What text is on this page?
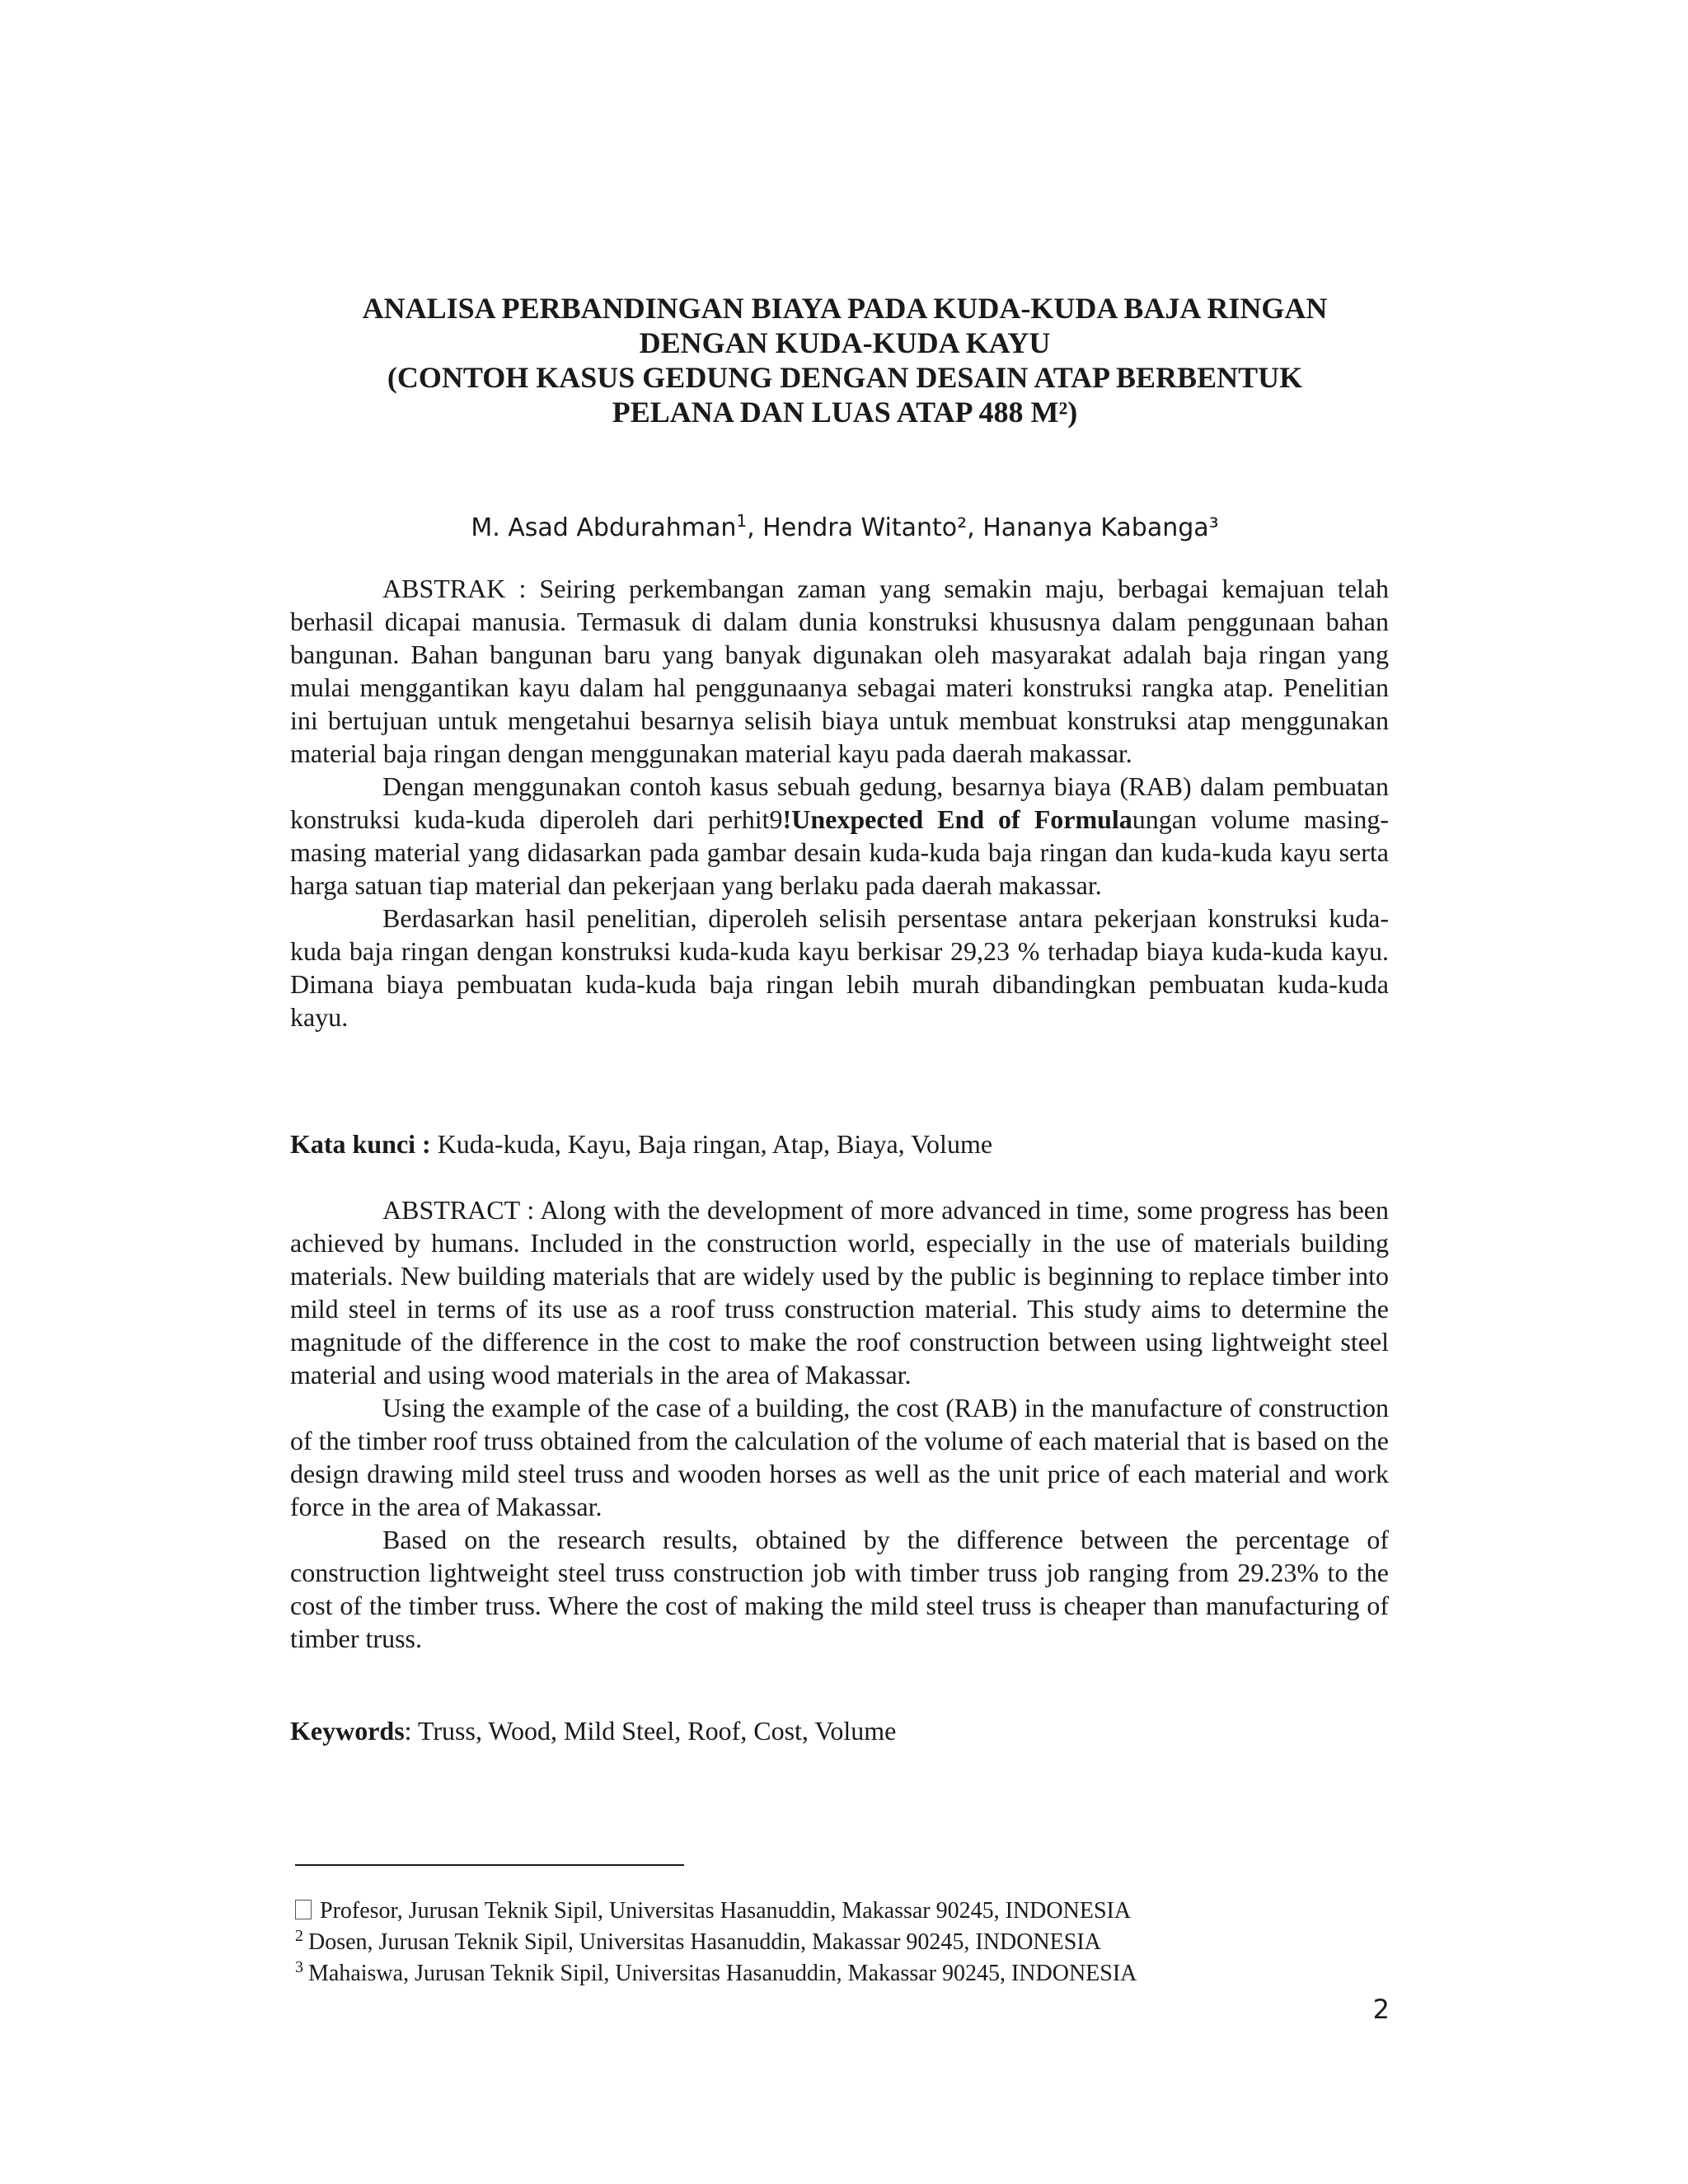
ANALISA PERBANDINGAN BIAYA PADA KUDA-KUDA BAJA RINGAN
DENGAN KUDA-KUDA KAYU
(CONTOH KASUS GEDUNG DENGAN DESAIN ATAP BERBENTUK
PELANA DAN LUAS ATAP 488 M²)
M. Asad Abdurahman$^1$, Hendra Witanto², Hananya Kabanga³

ABSTRAK : Seiring perkembangan zaman yang semakin maju, berbagai kemajuan telah berhasil dicapai manusia. Termasuk di dalam dunia konstruksi khususnya dalam penggunaan bahan bangunan. Bahan bangunan baru yang banyak digunakan oleh masyarakat adalah baja ringan yang mulai menggantikan kayu dalam hal penggunaanya sebagai materi konstruksi rangka atap. Penelitian ini bertujuan untuk mengetahui besarnya selisih biaya untuk membuat konstruksi atap menggunakan material baja ringan dengan menggunakan material kayu pada daerah makassar.

Dengan menggunakan contoh kasus sebuah gedung, besarnya biaya (RAB) dalam pembuatan konstruksi kuda-kuda diperoleh dari perhit9!Unexpected End of Formulaungan volume masing-masing material yang didasarkan pada gambar desain kuda-kuda baja ringan dan kuda-kuda kayu serta harga satuan tiap material dan pekerjaan yang berlaku pada daerah makassar.

Berdasarkan hasil penelitian, diperoleh selisih persentase antara pekerjaan konstruksi kuda-kuda baja ringan dengan konstruksi kuda-kuda kayu berkisar 29,23 % terhadap biaya kuda-kuda kayu. Dimana biaya pembuatan kuda-kuda baja ringan lebih murah dibandingkan pembuatan kuda-kuda kayu.

Kata kunci : Kuda-kuda, Kayu, Baja ringan, Atap, Biaya, Volume

ABSTRACT : Along with the development of more advanced in time, some progress has been achieved by humans. Included in the construction world, especially in the use of materials building materials. New building materials that are widely used by the public is beginning to replace timber into mild steel in terms of its use as a roof truss construction material. This study aims to determine the magnitude of the difference in the cost to make the roof construction between using lightweight steel material and using wood materials in the area of Makassar.

Using the example of the case of a building, the cost (RAB) in the manufacture of construction of the timber roof truss obtained from the calculation of the volume of each material that is based on the design drawing mild steel truss and wooden horses as well as the unit price of each material and work force in the area of Makassar.

Based on the research results, obtained by the difference between the percentage of construction lightweight steel truss construction job with timber truss job ranging from 29.23% to the cost of the timber truss. Where the cost of making the mild steel truss is cheaper than manufacturing of timber truss.

Keywords: Truss, Wood, Mild Steel, Roof, Cost, Volume
Profesor, Jurusan Teknik Sipil, Universitas Hasanuddin, Makassar 90245, INDONESIA
$^2$ Dosen, Jurusan Teknik Sipil, Universitas Hasanuddin, Makassar 90245, INDONESIA
$^3$ Mahaiswa, Jurusan Teknik Sipil, Universitas Hasanuddin, Makassar 90245, INDONESIA
2
